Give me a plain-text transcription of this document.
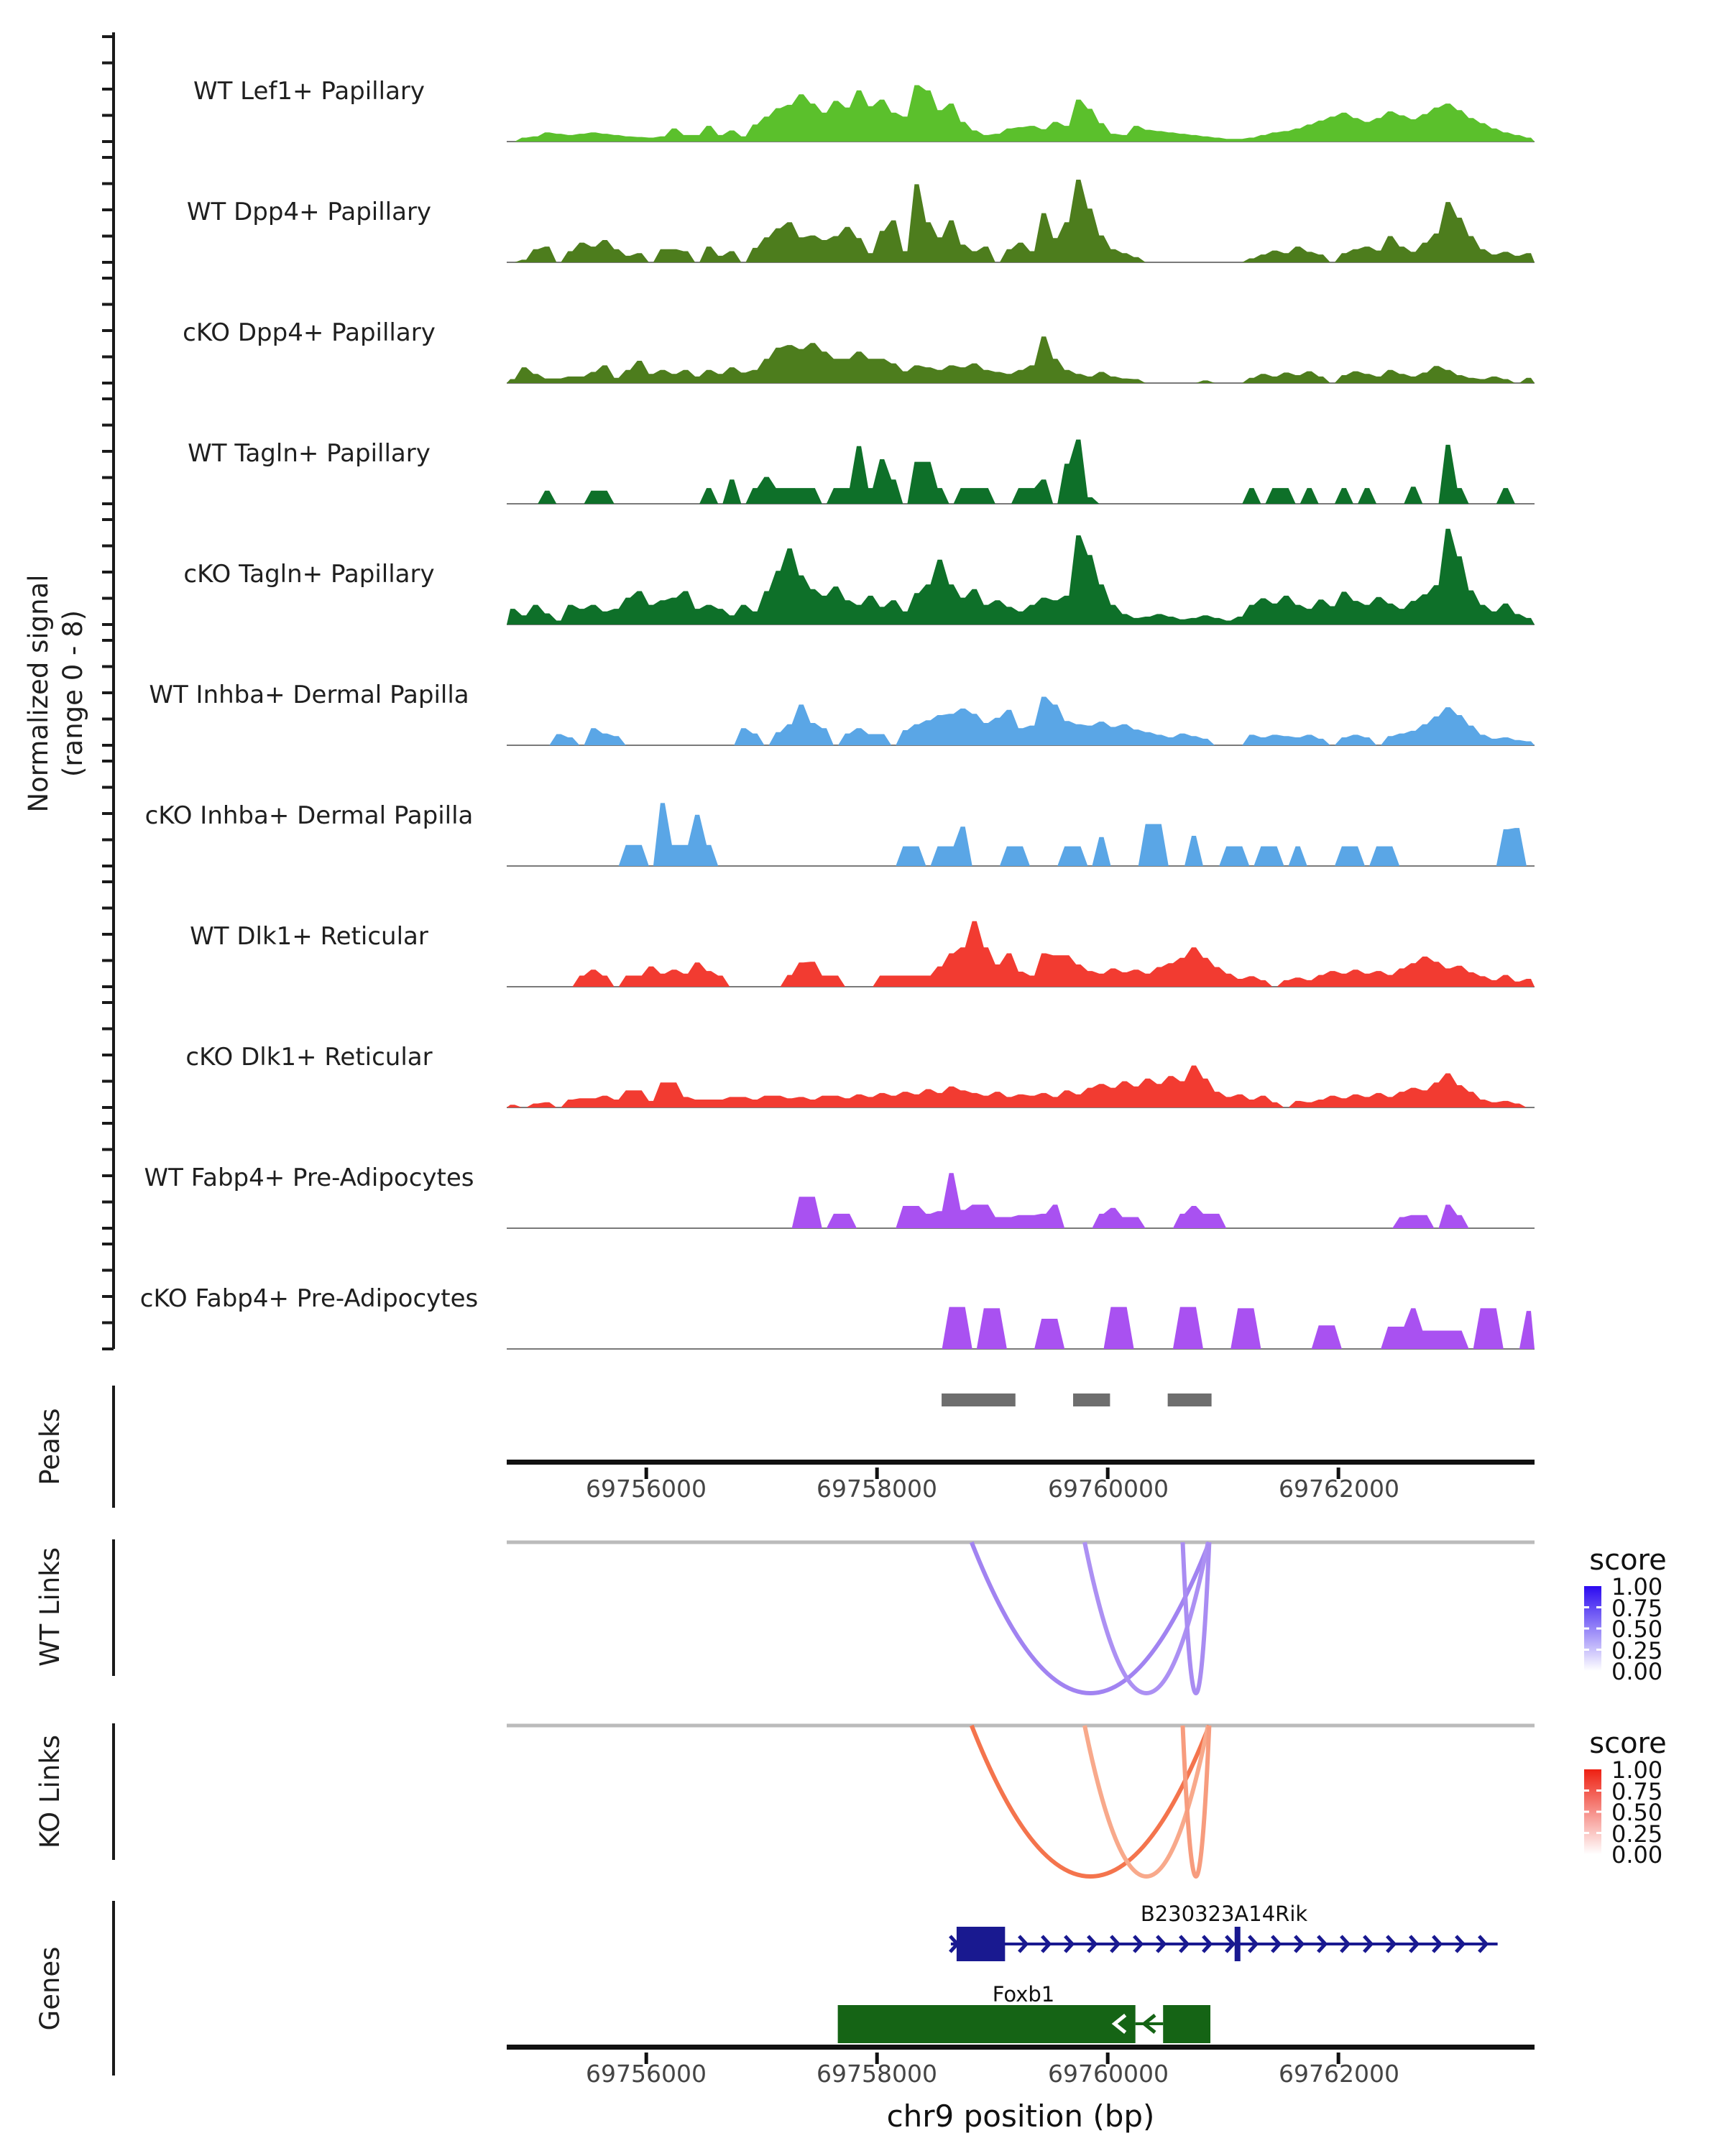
WT Lef1+ Papillary
WT Dpp4+ Papillary
cKO Dpp4+ Papillary
WT Tagln+ Papillary
cKO Tagln+ Papillary
WT Inhba+ Dermal Papilla
cKO Inhba+ Dermal Papilla
WT Dlk1+ Reticular
cKO Dlk1+ Reticular
WT Fabp4+ Pre-Adipocytes
cKO Fabp4+ Pre-Adipocytes
Normalized signal (range 0 - 8)
Peaks
WT Links
KO Links
Genes
69756000	69758000	69760000	69762000
69756000	69758000	69760000	69762000
chr9 position (bp)
score
1.00
0.75
0.50
0.25
0.00
score
1.00
0.75
0.50
0.25
0.00
B230323A14Rik
Foxb1
